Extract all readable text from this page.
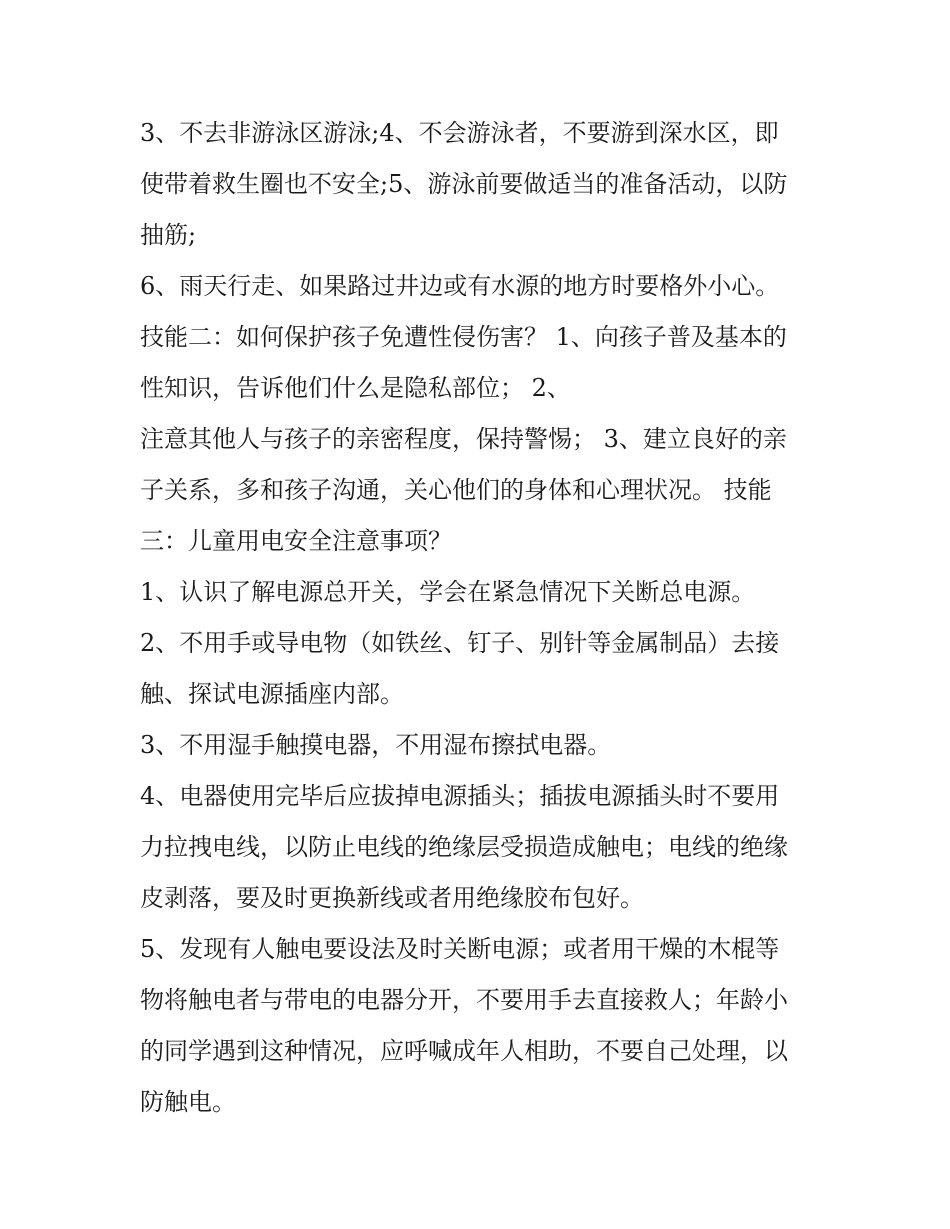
3、不去非游泳区游泳;4、不会游泳者，不要游到深水区，即
使带着救生圈也不安全;5、游泳前要做适当的准备活动，以防
抽筋;
6、雨天行走、如果路过井边或有水源的地方时要格外小心。
技能二：如何保护孩子免遭性侵伤害？ 1、向孩子普及基本的
性知识，告诉他们什么是隐私部位； 2、
注意其他人与孩子的亲密程度，保持警惕； 3、建立良好的亲
子关系，多和孩子沟通，关心他们的身体和心理状况。 技能
三：儿童用电安全注意事项？
1、认识了解电源总开关，学会在紧急情况下关断总电源。
2、不用手或导电物（如铁丝、钉子、别针等金属制品）去接
触、探试电源插座内部。
3、不用湿手触摸电器，不用湿布擦拭电器。
4、电器使用完毕后应拔掉电源插头；插拔电源插头时不要用
力拉拽电线，以防止电线的绝缘层受损造成触电；电线的绝缘
皮剥落，要及时更换新线或者用绝缘胶布包好。
5、发现有人触电要设法及时关断电源；或者用干燥的木棍等
物将触电者与带电的电器分开，不要用手去直接救人；年龄小
的同学遇到这种情况，应呼喊成年人相助，不要自己处理，以
防触电。
